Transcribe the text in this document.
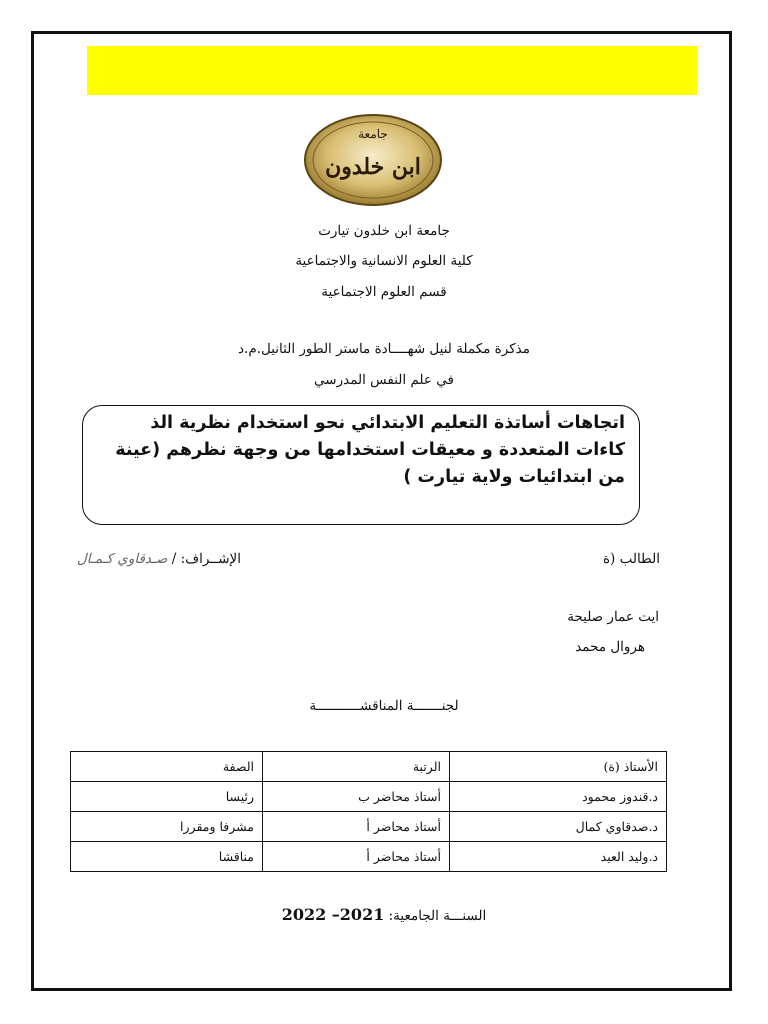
جامعة
ابن خلدون
جامعة ابن خلدون تيارت
كلية العلوم الانسانية والاجتماعية
قسم العلوم الاجتماعية
مذكرة مكملة لنيل شهــــادة ماستر الطور الثانيل.م.د
في علم النفس المدرسي
اتجاهات أساتذة التعليم الابتدائي نحو استخدام نظرية الذ كاءات المتعددة و معيقات استخدامها من وجهة نظرهم (عينة من ابتدائيات ولاية تيارت )
الطالب (ة
الإشــراف: / صـدقاوي كـمـال
ايت عمار صليحة
هروال محمد
لجنـــــــة المناقشـــــــــــة
الأستاذ (ة)	الرتبة	الصفة
د.قندوز محمود	أستاذ محاضر ب	رئيسا
د.صدقاوي كمال	أستاذ محاضر أ	مشرفا ومقررا
د.وليد العيد	أستاذ محاضر أ	مناقشا
السنـــة الجامعية: 2021– 2022
